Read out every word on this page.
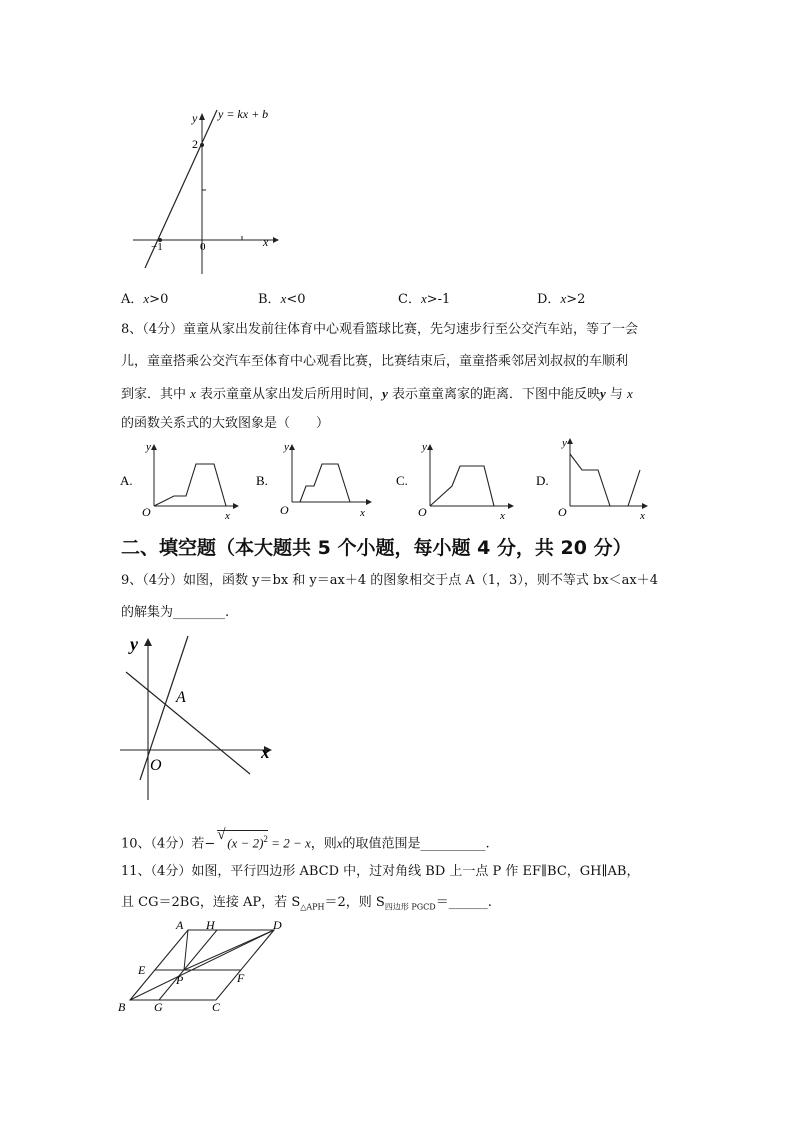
y = kx + b
y
2
−1	0	x
A．x>0	B．x<0	C．x>-1	D．x>2
8、（4分）童童从家出发前往体育中心观看篮球比赛，先匀速步行至公交汽车站，等了一会
儿，童童搭乘公交汽车至体育中心观看比赛，比赛结束后，童童搭乘邻居刘叔叔的车顺利
到家．其中 x 表示童童从家出发后所用时间，y 表示童童离家的距离．下图中能反映y 与 x
的函数关系式的大致图象是（　　）
A.
y
O	x
B.
y
O	x
C.
y
O	x
D.
y
O	x
二、填空题（本大题共 5 个小题，每小题 4 分，共 20 分）
9、（4分）如图，函数 y＝bx 和 y＝ax＋4 的图象相交于点 A（1，3），则不等式 bx＜ax＋4
的解集为________.
y
A
O
x
10、（4分）若−
√ $(x - 2)^2 = 2 - x$，则x的取值范围是__________.
11、（4分）如图，平行四边形 ABCD 中，过对角线 BD 上一点 P 作 EF∥BC，GH∥AB，
且 CG＝2BG，连接 AP，若 $S_{\triangle APH}=2$，则 $S_{四边形 PGCD}=\_\_\_\_\_\_$.
A H	D
E
P	F
B G	C
